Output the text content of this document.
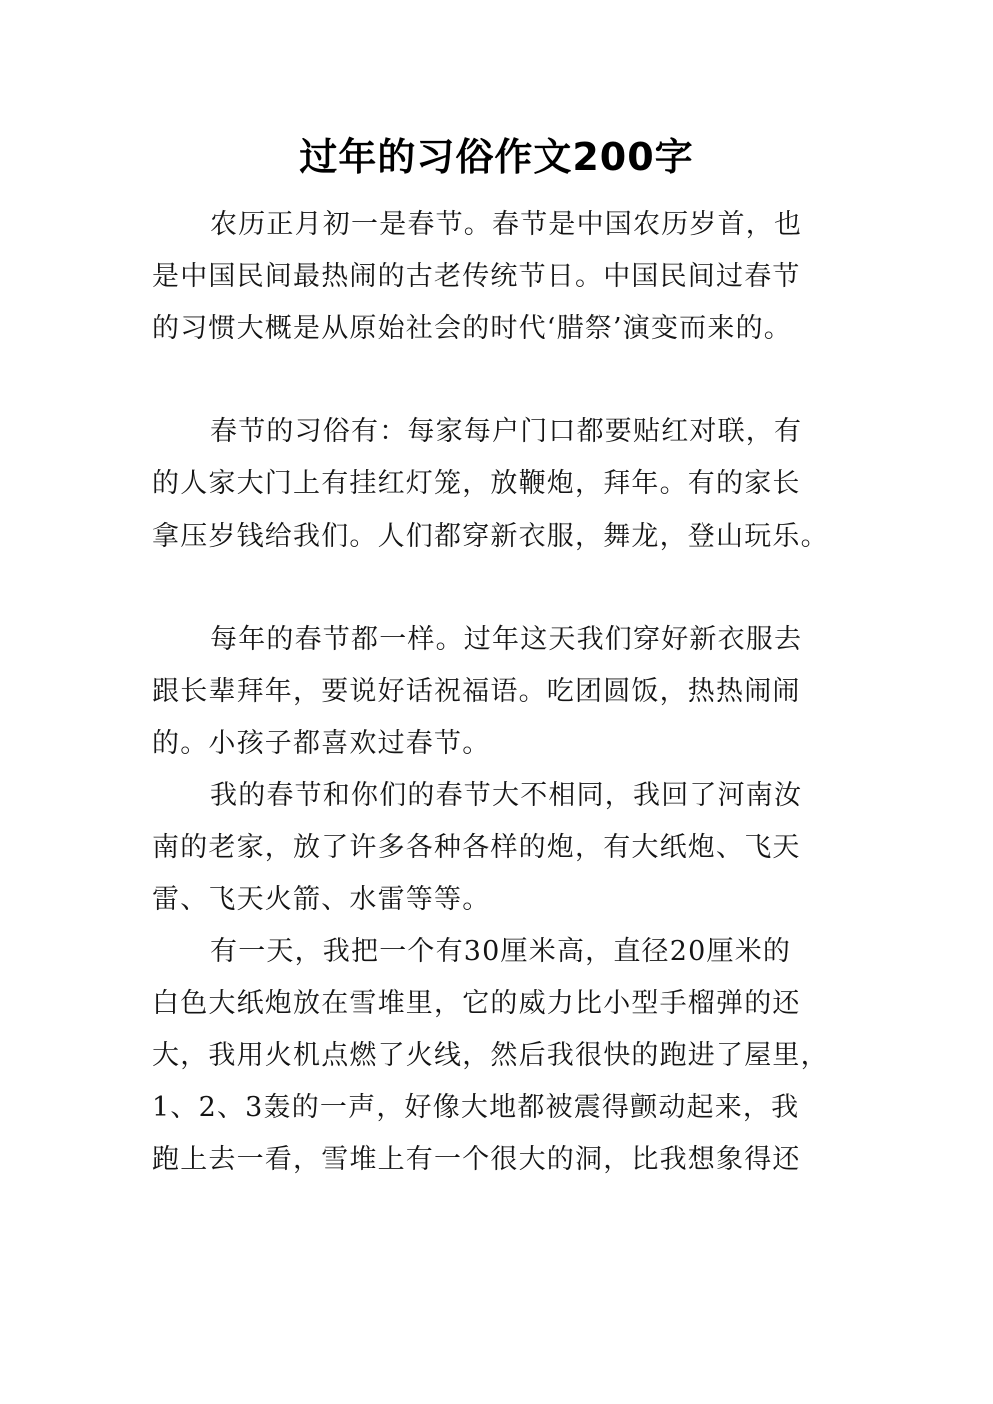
过年的习俗作文200字
农历正月初一是春节。春节是中国农历岁首，也
是中国民间最热闹的古老传统节日。中国民间过春节
的习惯大概是从原始社会的时代‘腊祭’演变而来的。
春节的习俗有：每家每户门口都要贴红对联，有
的人家大门上有挂红灯笼，放鞭炮，拜年。有的家长
拿压岁钱给我们。人们都穿新衣服，舞龙，登山玩乐。
每年的春节都一样。过年这天我们穿好新衣服去
跟长辈拜年，要说好话祝福语。吃团圆饭，热热闹闹
的。小孩子都喜欢过春节。
我的春节和你们的春节大不相同，我回了河南汝
南的老家，放了许多各种各样的炮，有大纸炮、飞天
雷、飞天火箭、水雷等等。
有一天，我把一个有30厘米高，直径20厘米的
白色大纸炮放在雪堆里，它的威力比小型手榴弹的还
大，我用火机点燃了火线，然后我很快的跑进了屋里，
1、2、3轰的一声，好像大地都被震得颤动起来，我
跑上去一看，雪堆上有一个很大的洞，比我想象得还
